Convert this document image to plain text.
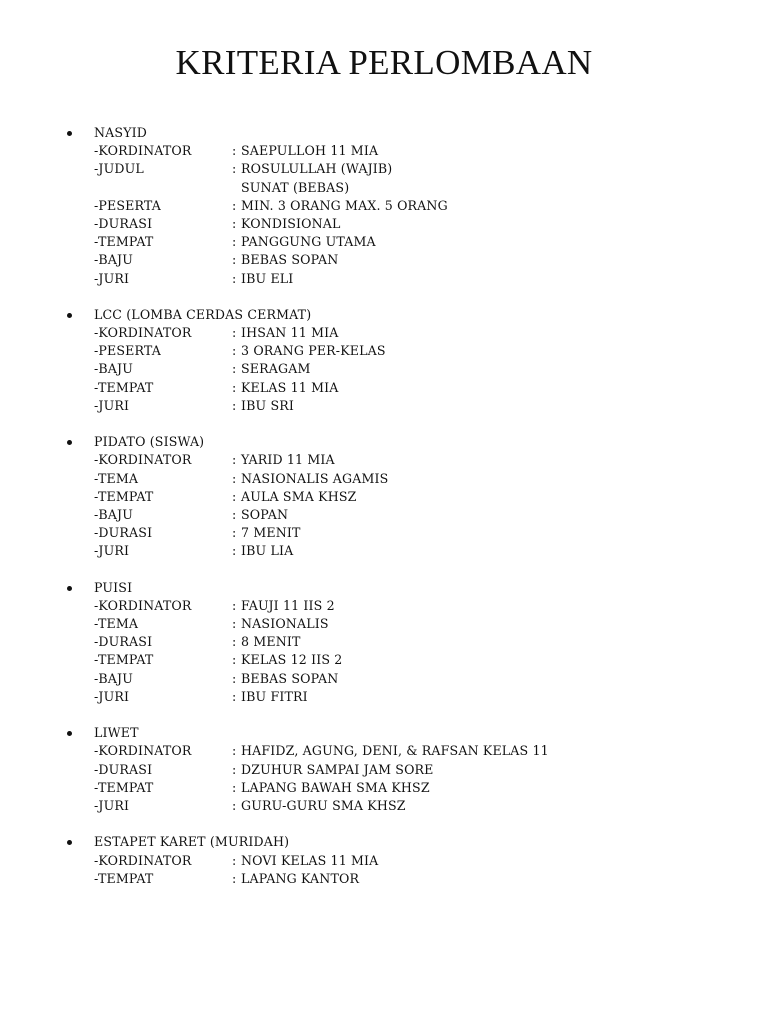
KRITERIA PERLOMBAAN
NASYID
-KORDINATOR	: SAEPULLOH 11 MIA
-JUDUL	: ROSULULLAH (WAJIB)
SUNAT (BEBAS)
-PESERTA	: MIN. 3 ORANG MAX. 5 ORANG
-DURASI	: KONDISIONAL
-TEMPAT	: PANGGUNG UTAMA
-BAJU	: BEBAS SOPAN
-JURI	: IBU ELI
LCC (LOMBA CERDAS CERMAT)
-KORDINATOR	: IHSAN 11 MIA
-PESERTA	: 3 ORANG PER-KELAS
-BAJU	: SERAGAM
-TEMPAT	: KELAS 11 MIA
-JURI	: IBU SRI
PIDATO (SISWA)
-KORDINATOR	: YARID 11 MIA
-TEMA	: NASIONALIS AGAMIS
-TEMPAT	: AULA SMA KHSZ
-BAJU	: SOPAN
-DURASI	: 7 MENIT
-JURI	: IBU LIA
PUISI
-KORDINATOR	: FAUJI 11 IIS 2
-TEMA	: NASIONALIS
-DURASI	: 8 MENIT
-TEMPAT	: KELAS 12 IIS 2
-BAJU	: BEBAS SOPAN
-JURI	: IBU FITRI
LIWET
-KORDINATOR	: HAFIDZ, AGUNG, DENI, & RAFSAN KELAS 11
-DURASI	: DZUHUR SAMPAI JAM SORE
-TEMPAT	: LAPANG BAWAH SMA KHSZ
-JURI	: GURU-GURU SMA KHSZ
ESTAPET KARET (MURIDAH)
-KORDINATOR	: NOVI KELAS 11 MIA
-TEMPAT	: LAPANG KANTOR
